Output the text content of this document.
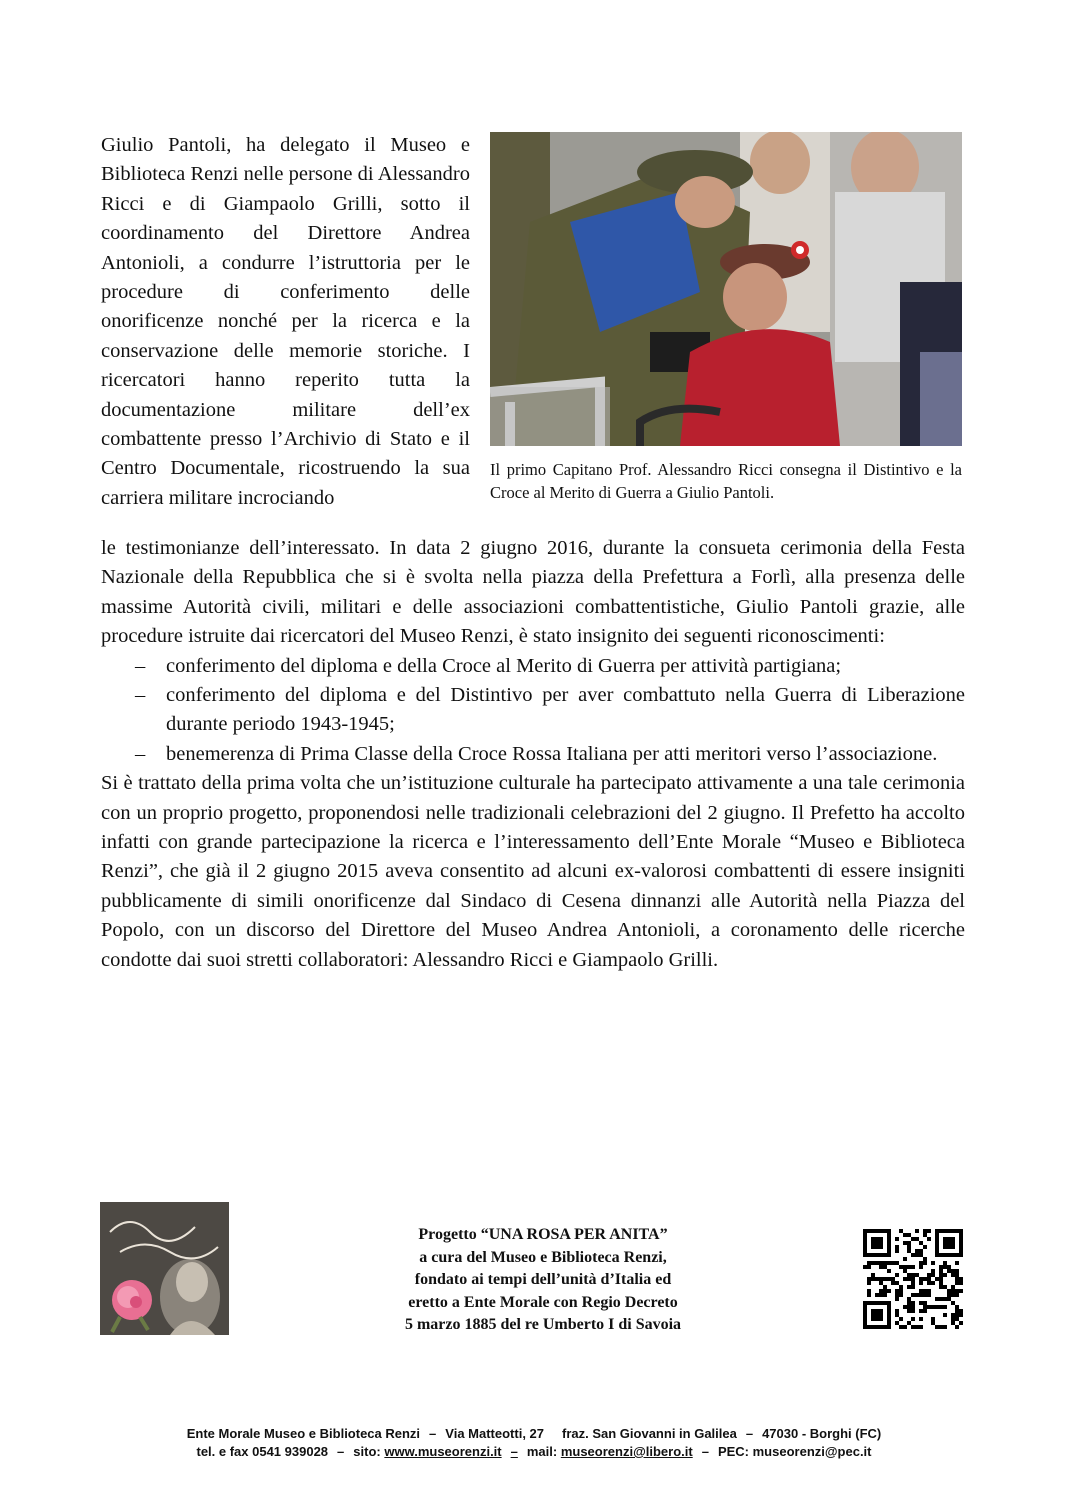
Giulio Pantoli, ha delegato il Museo e Biblioteca Renzi nelle persone di Alessandro Ricci e di Giampaolo Grilli, sotto il coordinamento del Direttore Andrea Antonioli, a condurre l’istruttoria per le procedure di conferimento delle onorificenze nonché per la ricerca e la conservazione delle memorie storiche. I ricercatori hanno reperito tutta la documentazione militare dell’ex combattente presso l’Archivio di Stato e il Centro Documentale, ricostruendo la sua carriera militare incrociando
Il primo Capitano Prof. Alessandro Ricci consegna il Distintivo e la Croce al Merito di Guerra a Giulio Pantoli.

le testimonianze dell’interessato. In data 2 giugno 2016, durante la consueta cerimonia della Festa Nazionale della Repubblica che si è svolta nella piazza della Prefettura a Forlì, alla presenza delle massime Autorità civili, militari e delle associazioni combattentistiche, Giulio Pantoli grazie, alle procedure istruite dai ricercatori del Museo Renzi, è stato insignito dei seguenti riconoscimenti:

– conferimento del diploma e della Croce al Merito di Guerra per attività partigiana;
– conferimento del diploma e del Distintivo per aver combattuto nella Guerra di Liberazione durante periodo 1943-1945;
– benemerenza di Prima Classe della Croce Rossa Italiana per atti meritori verso l’associazione.

Si è trattato della prima volta che un’istituzione culturale ha partecipato attivamente a una tale cerimonia con un proprio progetto, proponendosi nelle tradizionali celebrazioni del 2 giugno. Il Prefetto ha accolto infatti con grande partecipazione la ricerca e l’interessamento dell’Ente Morale “Museo e Biblioteca Renzi”, che già il 2 giugno 2015 aveva consentito ad alcuni ex-valorosi combattenti di essere insigniti pubblicamente di simili onorificenze dal Sindaco di Cesena dinnanzi alle Autorità nella Piazza del Popolo, con un discorso del Direttore del Museo Andrea Antonioli, a coronamento delle ricerche condotte dai suoi stretti collaboratori: Alessandro Ricci e Giampaolo Grilli.

Progetto “UNA ROSA PER ANITA”
a cura del Museo e Biblioteca Renzi,
fondato ai tempi dell’unità d’Italia ed
eretto a Ente Morale con Regio Decreto
5 marzo 1885 del re Umberto I di Savoia
Ente Morale Museo e Biblioteca Renzi – Via Matteotti, 27 fraz. San Giovanni in Galilea – 47030 - Borghi (FC)
tel. e fax 0541 939028 – sito: www.museorenzi.it – mail: museorenzi@libero.it – PEC: museorenzi@pec.it
